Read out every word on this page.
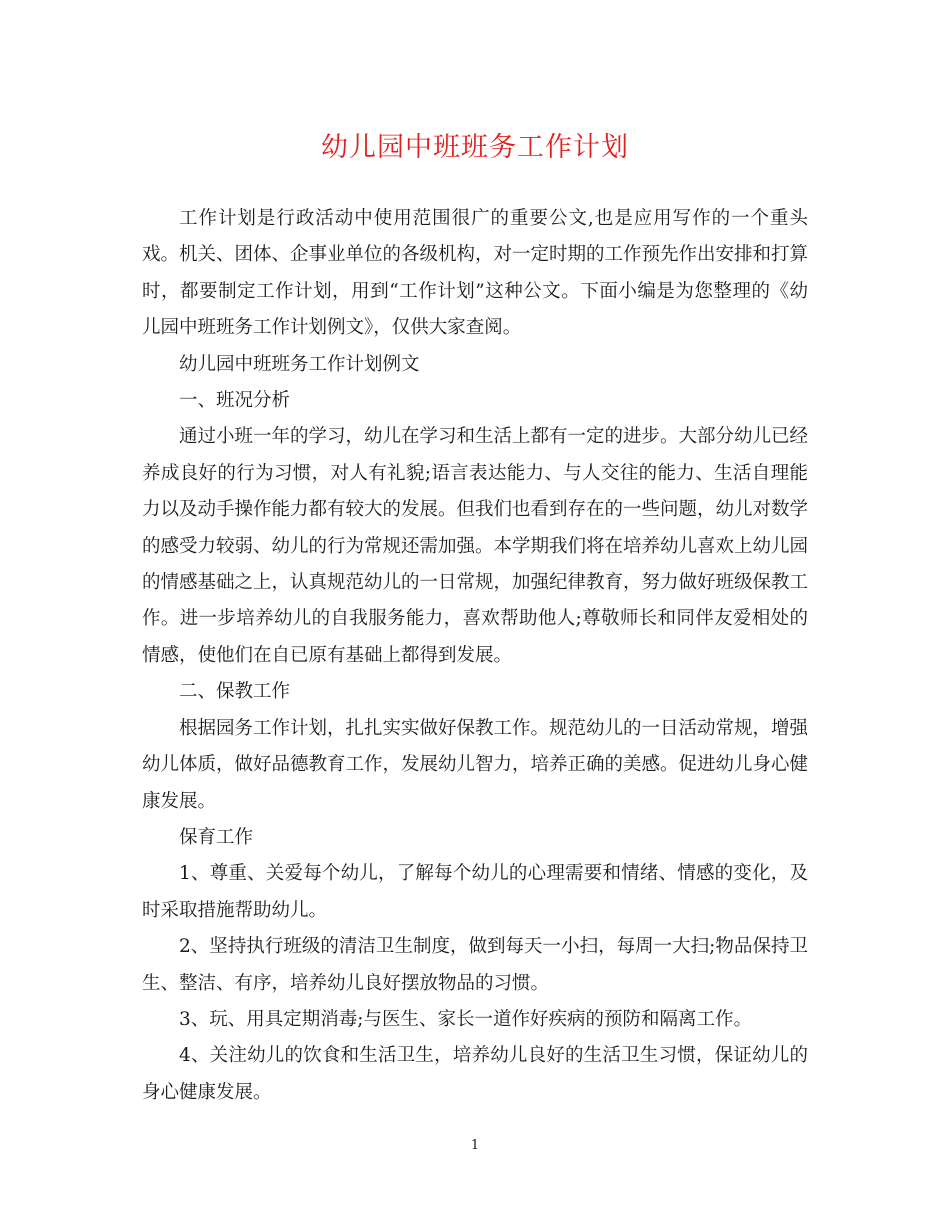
幼儿园中班班务工作计划

工作计划是行政活动中使用范围很广的重要公文,也是应用写作的一个重头戏。机关、团体、企事业单位的各级机构，对一定时期的工作预先作出安排和打算时，都要制定工作计划，用到“工作计划”这种公文。下面小编是为您整理的《幼儿园中班班务工作计划例文》，仅供大家查阅。

幼儿园中班班务工作计划例文

一、班况分析

通过小班一年的学习，幼儿在学习和生活上都有一定的进步。大部分幼儿已经养成良好的行为习惯，对人有礼貌;语言表达能力、与人交往的能力、生活自理能力以及动手操作能力都有较大的发展。但我们也看到存在的一些问题，幼儿对数学的感受力较弱、幼儿的行为常规还需加强。本学期我们将在培养幼儿喜欢上幼儿园的情感基础之上，认真规范幼儿的一日常规，加强纪律教育，努力做好班级保教工作。进一步培养幼儿的自我服务能力，喜欢帮助他人;尊敬师长和同伴友爱相处的情感，使他们在自已原有基础上都得到发展。

二、保教工作

根据园务工作计划，扎扎实实做好保教工作。规范幼儿的一日活动常规，增强幼儿体质，做好品德教育工作，发展幼儿智力，培养正确的美感。促进幼儿身心健康发展。

保育工作

1、尊重、关爱每个幼儿，了解每个幼儿的心理需要和情绪、情感的变化，及时采取措施帮助幼儿。

2、坚持执行班级的清洁卫生制度，做到每天一小扫，每周一大扫;物品保持卫生、整洁、有序，培养幼儿良好摆放物品的习惯。

3、玩、用具定期消毒;与医生、家长一道作好疾病的预防和隔离工作。

4、关注幼儿的饮食和生活卫生，培养幼儿良好的生活卫生习惯，保证幼儿的身心健康发展。

1
